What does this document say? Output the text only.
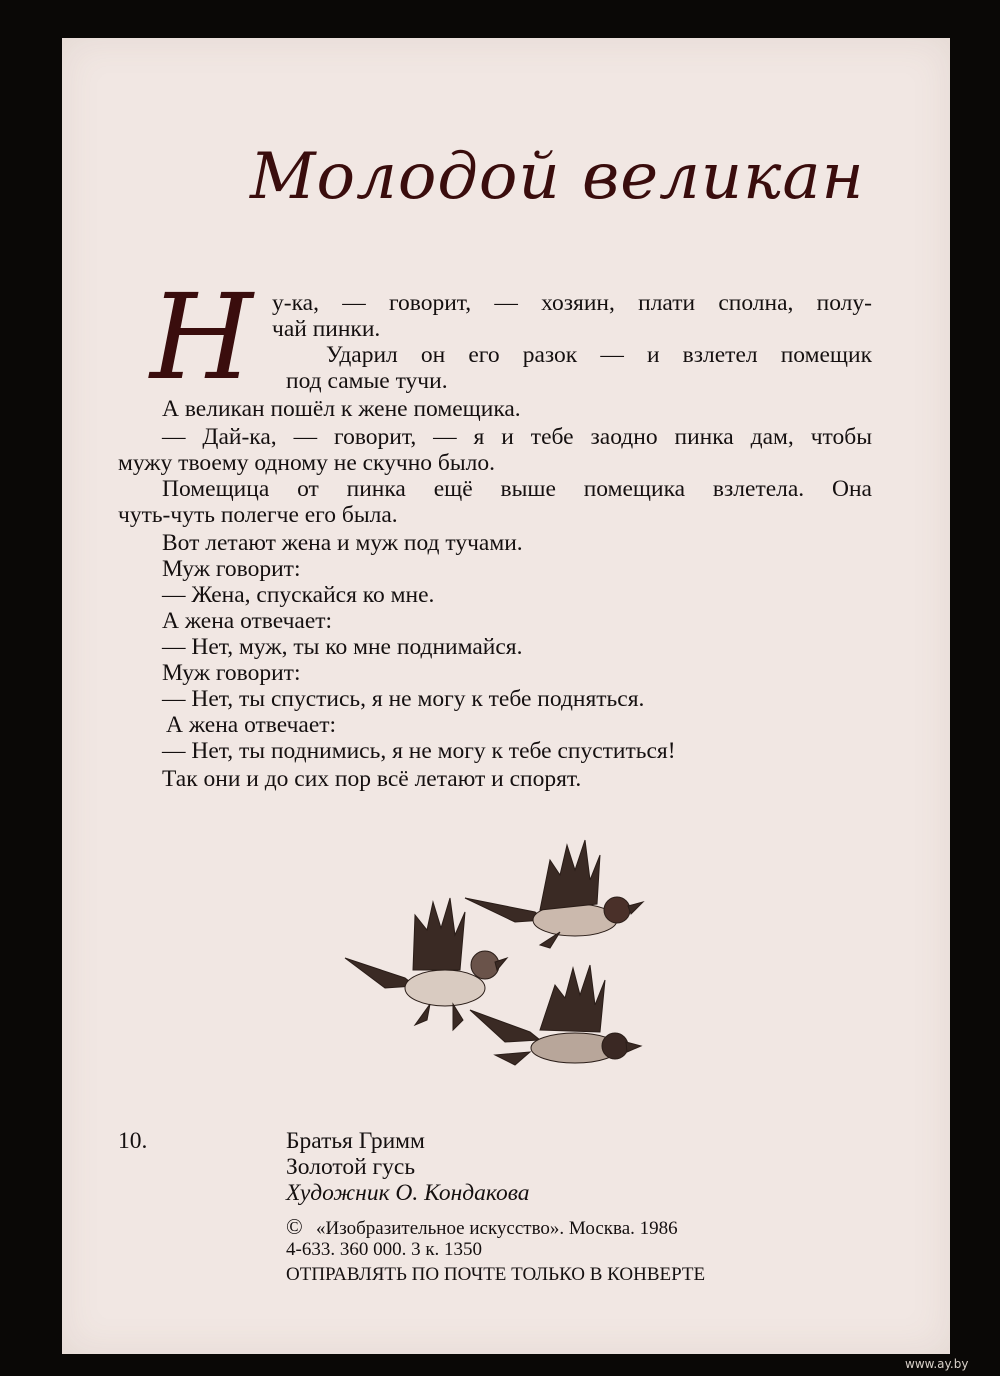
Молодой великан
Н у-ка, — говорит, — хозяин, плати сполна, полу-
чай пинки.
Ударил он его разок — и взлетел помещик
под самые тучи.
А великан пошёл к жене помещика.
— Дай-ка, — говорит, — я и тебе заодно пинка дам, чтобы
мужу твоему одному не скучно было.
Помещица от пинка ещё выше помещика взлетела. Она
чуть-чуть полегче его была.
Вот летают жена и муж под тучами.
Муж говорит:
— Жена, спускайся ко мне.
А жена отвечает:
— Нет, муж, ты ко мне поднимайся.
Муж говорит:
— Нет, ты спустись, я не могу к тебе подняться.
А жена отвечает:
— Нет, ты поднимись, я не могу к тебе спуститься!
Так они и до сих пор всё летают и спорят.
10.	Братья Гримм
Золотой гусь
Художник О. Кондакова
© «Изобразительное искусство». Москва. 1986
4-633. 360 000. 3 к. 1350
ОТПРАВЛЯТЬ ПО ПОЧТЕ ТОЛЬКО В КОНВЕРТЕ
www.ay.by
